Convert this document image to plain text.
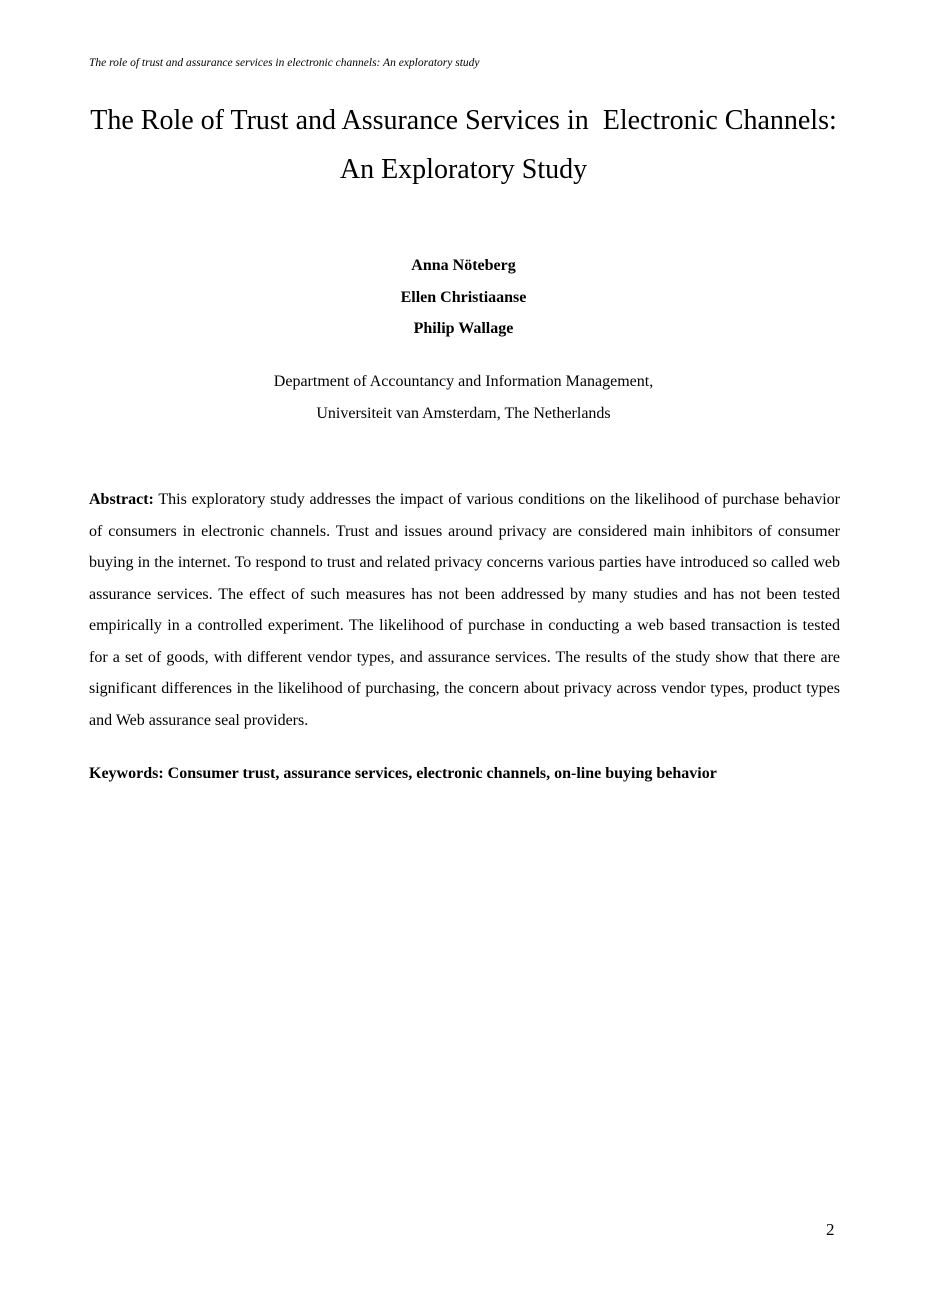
The role of trust and assurance services in electronic channels: An exploratory study
The Role of Trust and Assurance Services in  Electronic Channels:
An Exploratory Study
Anna Nöteberg
Ellen Christiaanse
Philip Wallage
Department of Accountancy and Information Management,
Universiteit van Amsterdam, The Netherlands
Abstract: This exploratory study addresses the impact of various conditions on the likelihood of purchase behavior of consumers in electronic channels. Trust and issues around privacy are considered main inhibitors of consumer buying in the internet. To respond to trust and related privacy concerns various parties have introduced so called web assurance services. The effect of such measures has not been addressed by many studies and has not been tested empirically in a controlled experiment. The likelihood of purchase in conducting a web based transaction is tested for a set of goods, with different vendor types, and assurance services. The results of the study show that there are significant differences in the likelihood of purchasing, the concern about privacy across vendor types, product types and Web assurance seal providers.
Keywords: Consumer trust, assurance services, electronic channels, on-line buying behavior
2
